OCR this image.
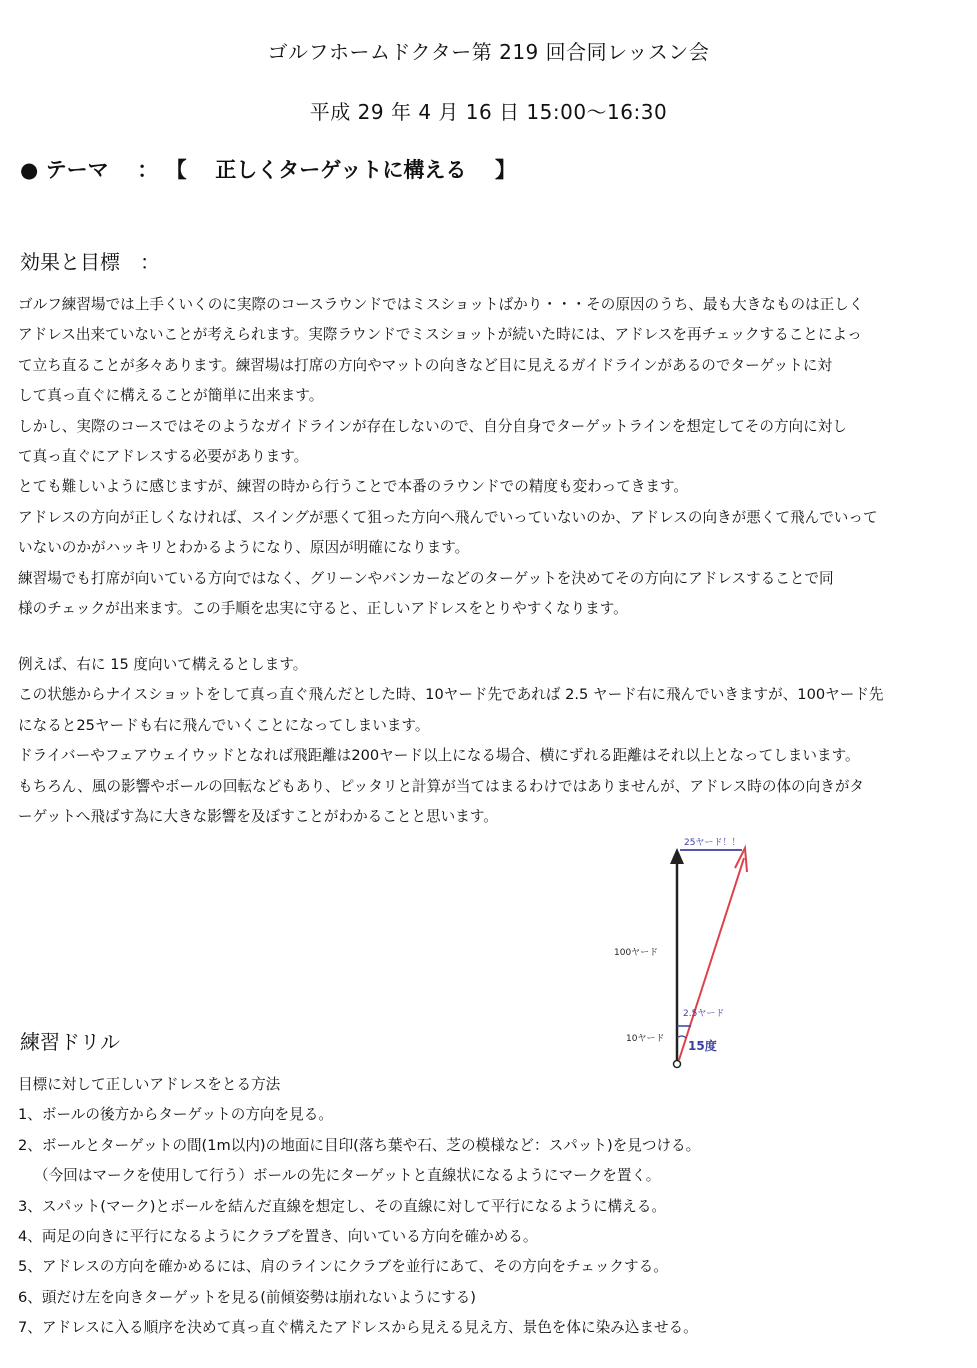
ゴルフホームドクター第 219 回合同レッスン会
平成 29 年 4 月 16 日 15:00〜16:30
● テーマ ： 【 正しくターゲットに構える 】
効果と目標　：
ゴルフ練習場では上手くいくのに実際のコースラウンドではミスショットばかり・・・その原因のうち、最も大きなものは正しく
アドレス出来ていないことが考えられます。実際ラウンドでミスショットが続いた時には、アドレスを再チェックすることによっ
て立ち直ることが多々あります。練習場は打席の方向やマットの向きなど目に見えるガイドラインがあるのでターゲットに対
して真っ直ぐに構えることが簡単に出来ます。
しかし、実際のコースではそのようなガイドラインが存在しないので、自分自身でターゲットラインを想定してその方向に対し
て真っ直ぐにアドレスする必要があります。
とても難しいように感じますが、練習の時から行うことで本番のラウンドでの精度も変わってきます。
アドレスの方向が正しくなければ、スイングが悪くて狙った方向へ飛んでいっていないのか、アドレスの向きが悪くて飛んでいって
いないのかがハッキリとわかるようになり、原因が明確になります。
練習場でも打席が向いている方向ではなく、グリーンやバンカーなどのターゲットを決めてその方向にアドレスすることで同
様のチェックが出来ます。この手順を忠実に守ると、正しいアドレスをとりやすくなります。
例えば、右に 15 度向いて構えるとします。
この状態からナイスショットをして真っ直ぐ飛んだとした時、10ヤード先であれば 2.5 ヤード右に飛んでいきますが、100ヤード先
になると25ヤードも右に飛んでいくことになってしまいます。
ドライバーやフェアウェイウッドとなれば飛距離は200ヤード以上になる場合、横にずれる距離はそれ以上となってしまいます。
もちろん、風の影響やボールの回転などもあり、ピッタリと計算が当てはまるわけではありませんが、アドレス時の体の向きがタ
ーゲットへ飛ばす為に大きな影響を及ぼすことがわかることと思います。
25ヤード！！
100ヤード
2.5ヤード
10ヤード 15度
練習ドリル
目標に対して正しいアドレスをとる方法
1、ボールの後方からターゲットの方向を見る。
2、ボールとターゲットの間(1m以内)の地面に目印(落ち葉や石、芝の模様など：スパット)を見つける。
（今回はマークを使用して行う）ボールの先にターゲットと直線状になるようにマークを置く。
3、スパット(マーク)とボールを結んだ直線を想定し、その直線に対して平行になるように構える。
4、両足の向きに平行になるようにクラブを置き、向いている方向を確かめる。
5、アドレスの方向を確かめるには、肩のラインにクラブを並行にあて、その方向をチェックする。
6、頭だけ左を向きターゲットを見る(前傾姿勢は崩れないようにする)
7、アドレスに入る順序を決めて真っ直ぐ構えたアドレスから見える見え方、景色を体に染み込ませる。
